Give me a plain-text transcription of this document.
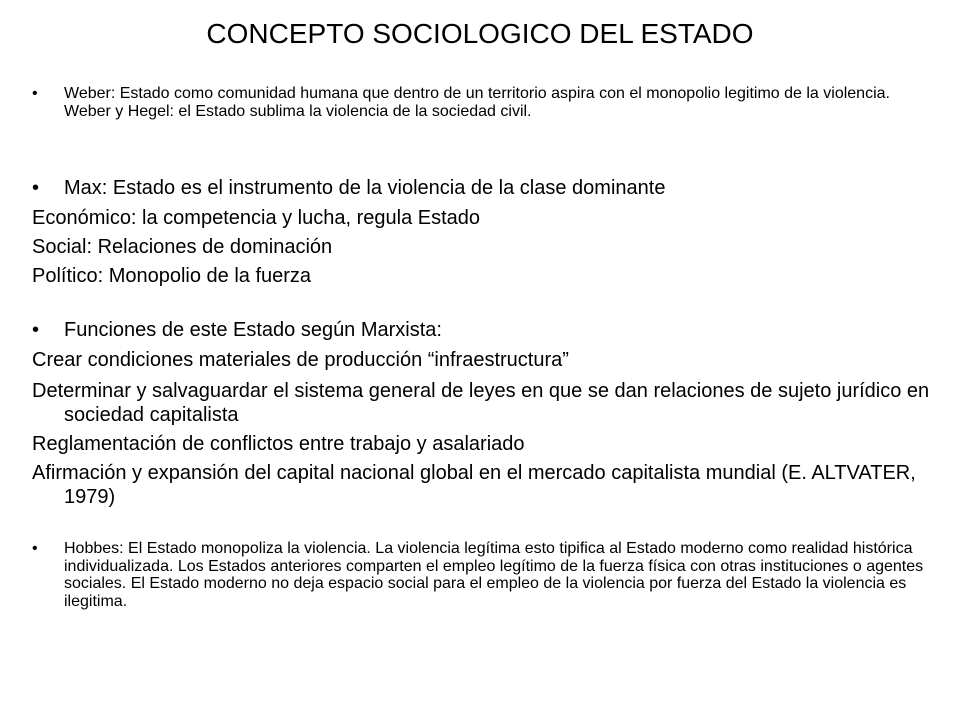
CONCEPTO SOCIOLOGICO DEL ESTADO
• Weber: Estado como comunidad humana que dentro de un territorio aspira con el monopolio legitimo de la violencia. Weber y Hegel: el Estado sublima la violencia de la sociedad civil.
• Max: Estado es el instrumento de la violencia de la clase dominante
Económico: la competencia y lucha, regula Estado
Social: Relaciones de dominación
Político: Monopolio de la fuerza
• Funciones de este Estado según Marxista:
Crear condiciones materiales de producción “infraestructura”
Determinar y salvaguardar el sistema general de leyes en que se dan relaciones de sujeto jurídico en sociedad capitalista
Reglamentación de conflictos entre trabajo y asalariado
Afirmación y expansión del capital nacional global en el mercado capitalista mundial (E. ALTVATER, 1979)
• Hobbes: El Estado monopoliza la violencia. La violencia legítima esto tipifica al Estado moderno como realidad histórica individualizada. Los Estados anteriores comparten el empleo legítimo de la fuerza física con otras instituciones o agentes sociales. El Estado moderno no deja espacio social para el empleo de la violencia por fuerza del Estado la violencia es ilegitima.
